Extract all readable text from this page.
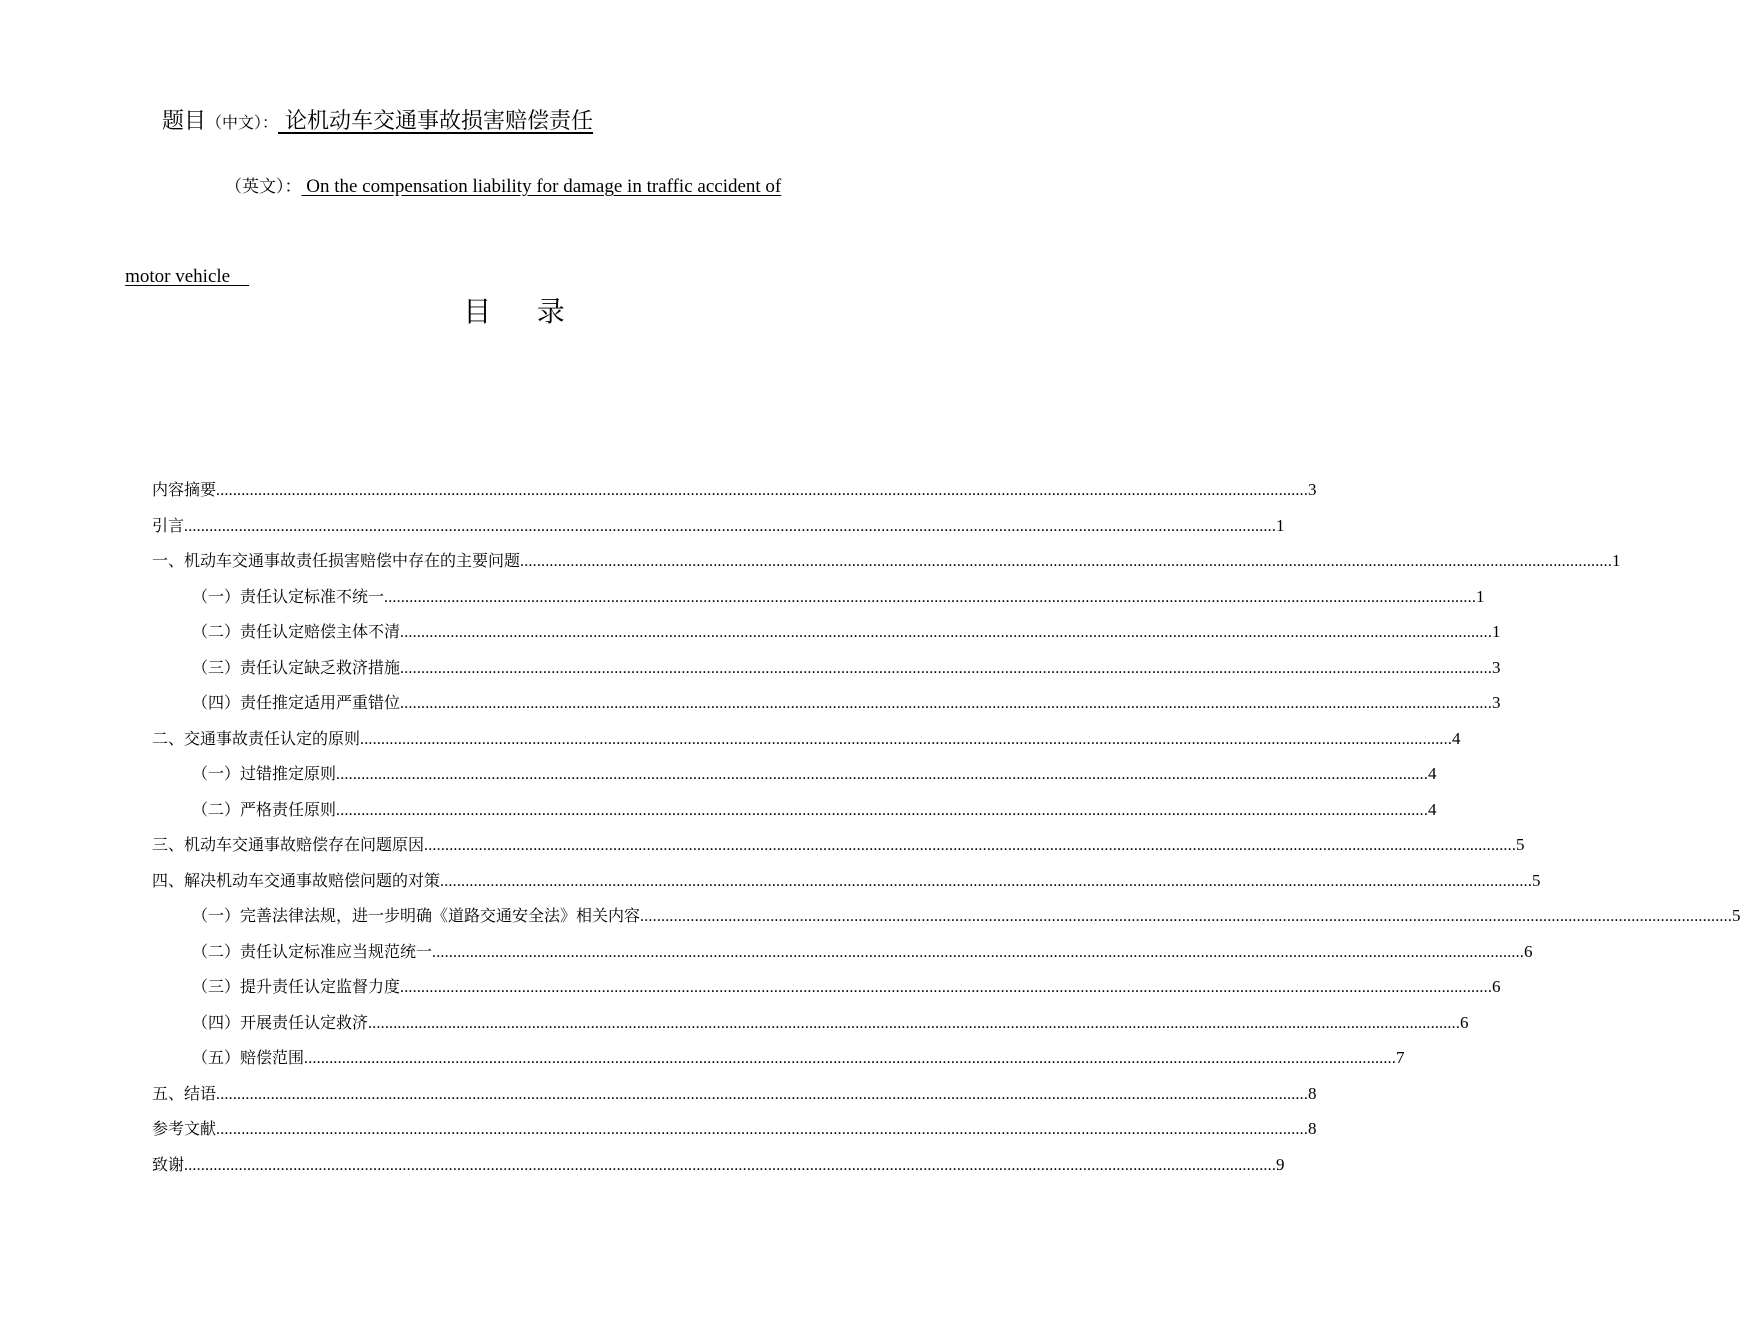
题目（中文）： 论机动车交通事故损害赔偿责任
（英文）： On the compensation liability for damage in traffic accident of

motor vehicle

目    录
内容摘要 .................................................................................................................................................................................................................................................................... 3
引言 .................................................................................................................................................................................................................................................................... 1
一、机动车交通事故责任损害赔偿中存在的主要问题 .................................................................................................................................................................................................................................................................... 1
（一）责任认定标准不统一 .................................................................................................................................................................................................................................................................... 1
（二）责任认定赔偿主体不清 .................................................................................................................................................................................................................................................................... 1
（三）责任认定缺乏救济措施 .................................................................................................................................................................................................................................................................... 3
（四）责任推定适用严重错位 .................................................................................................................................................................................................................................................................... 3
二、交通事故责任认定的原则 .................................................................................................................................................................................................................................................................... 4
（一）过错推定原则 .................................................................................................................................................................................................................................................................... 4
（二）严格责任原则 .................................................................................................................................................................................................................................................................... 4
三、机动车交通事故赔偿存在问题原因 .................................................................................................................................................................................................................................................................... 5
四、解决机动车交通事故赔偿问题的对策 .................................................................................................................................................................................................................................................................... 5
（一）完善法律法规，进一步明确《道路交通安全法》相关内容 .................................................................................................................................................................................................................................................................... 5
（二）责任认定标准应当规范统一 .................................................................................................................................................................................................................................................................... 6
（三）提升责任认定监督力度 .................................................................................................................................................................................................................................................................... 6
（四）开展责任认定救济 .................................................................................................................................................................................................................................................................... 6
（五）赔偿范围 .................................................................................................................................................................................................................................................................... 7
五、结语 .................................................................................................................................................................................................................................................................... 8
参考文献 .................................................................................................................................................................................................................................................................... 8
致谢 .................................................................................................................................................................................................................................................................... 9
